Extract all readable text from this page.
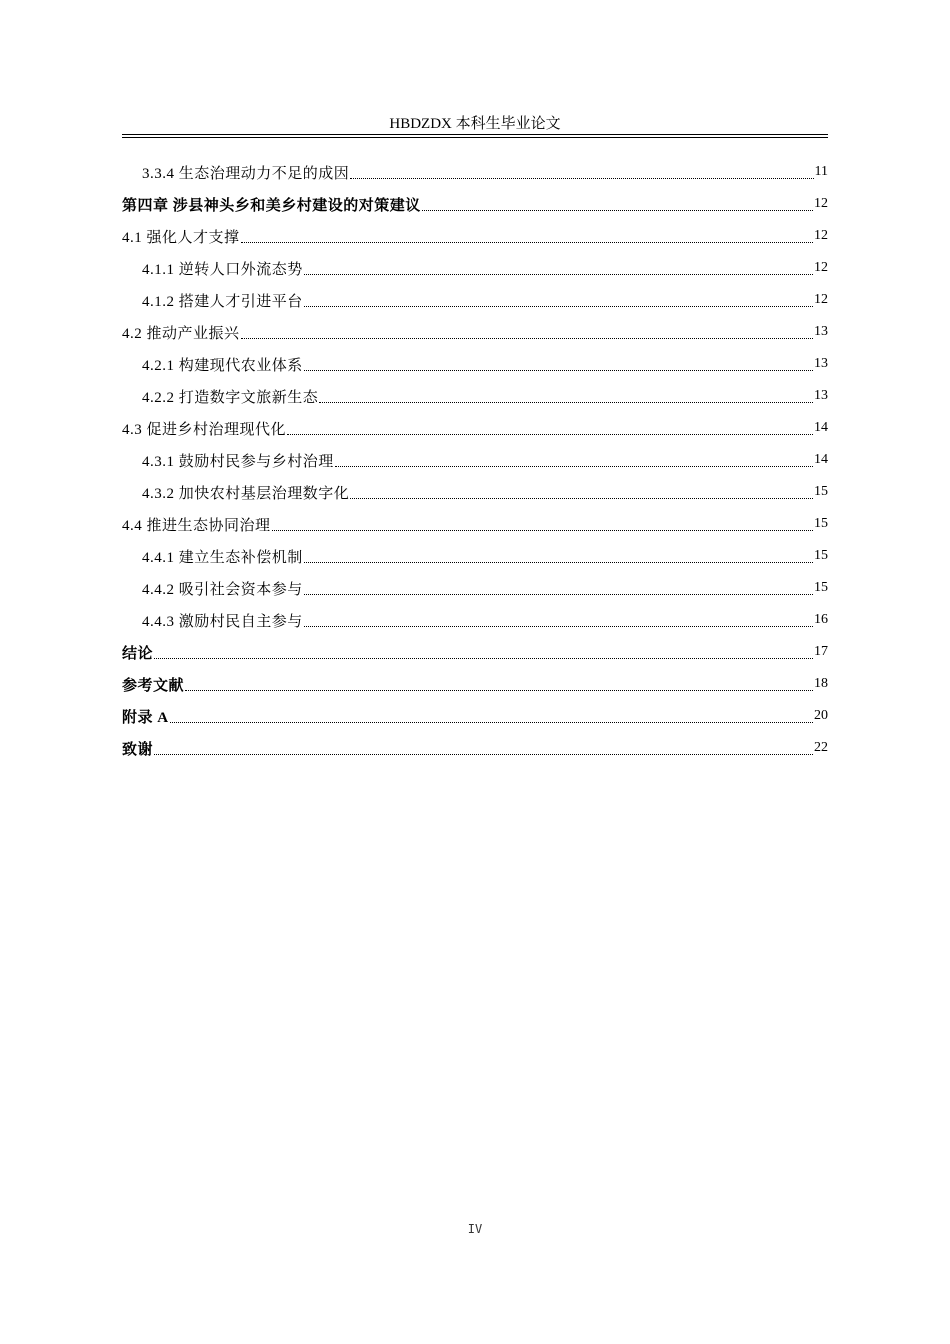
HBDZDX 本科生毕业论文
3.3.4 生态治理动力不足的成因	11
第四章 涉县神头乡和美乡村建设的对策建议	12
4.1 强化人才支撑	12
4.1.1 逆转人口外流态势	12
4.1.2 搭建人才引进平台	12
4.2 推动产业振兴	13
4.2.1 构建现代农业体系	13
4.2.2 打造数字文旅新生态	13
4.3 促进乡村治理现代化	14
4.3.1 鼓励村民参与乡村治理	14
4.3.2 加快农村基层治理数字化	15
4.4 推进生态协同治理	15
4.4.1 建立生态补偿机制	15
4.4.2 吸引社会资本参与	15
4.4.3 激励村民自主参与	16
结论	17
参考文献	18
附录 A	20
致谢	22
IV
